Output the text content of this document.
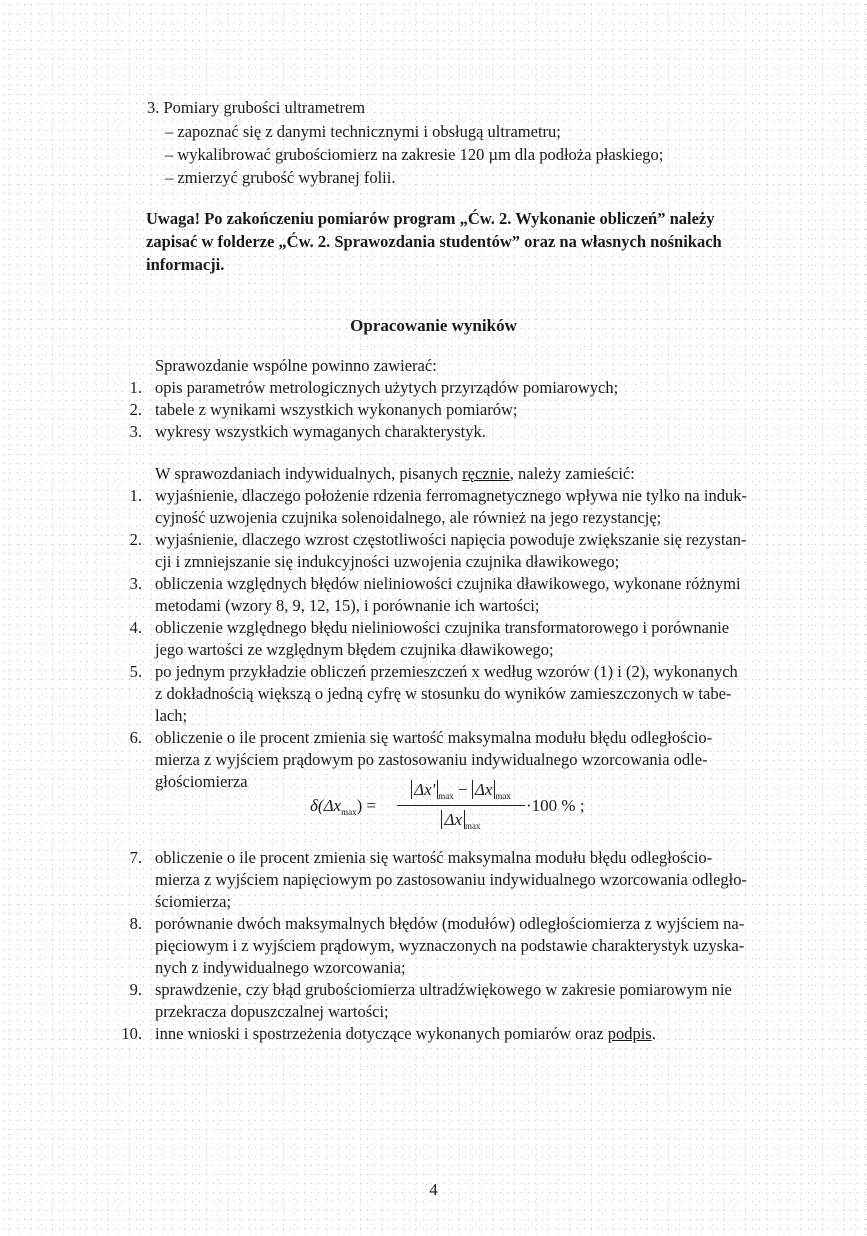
3. Pomiary grubości ultrametrem
– zapoznać się z danymi technicznymi i obsługą ultrametru;
– wykalibrować grubościomierz na zakresie 120 µm dla podłoża płaskiego;
– zmierzyć grubość wybranej folii.
Uwaga! Po zakończeniu pomiarów program „Ćw. 2. Wykonanie obliczeń” należy
zapisać w folderze „Ćw. 2. Sprawozdania studentów” oraz na własnych nośnikach
informacji.
Opracowanie wyników
Sprawozdanie wspólne powinno zawierać:
1. opis parametrów metrologicznych użytych przyrządów pomiarowych;
2. tabele z wynikami wszystkich wykonanych pomiarów;
3. wykresy wszystkich wymaganych charakterystyk.
W sprawozdaniach indywidualnych, pisanych ręcznie, należy zamieścić:
1. wyjaśnienie, dlaczego położenie rdzenia ferromagnetycznego wpływa nie tylko na induk-
cyjność uzwojenia czujnika solenoidalnego, ale również na jego rezystancję;
2. wyjaśnienie, dlaczego wzrost częstotliwości napięcia powoduje zwiększanie się rezystan-
cji i zmniejszanie się indukcyjności uzwojenia czujnika dławikowego;
3. obliczenia względnych błędów nieliniowości czujnika dławikowego, wykonane różnymi
metodami (wzory 8, 9, 12, 15), i porównanie ich wartości;
4. obliczenie względnego błędu nieliniowości czujnika transformatorowego i porównanie
jego wartości ze względnym błędem czujnika dławikowego;
5. po jednym przykładzie obliczeń przemieszczeń x według wzorów (1) i (2), wykonanych
z dokładnością większą o jedną cyfrę w stosunku do wyników zamieszczonych w tabe-
lach;
6. obliczenie o ile procent zmienia się wartość maksymalna modułu błędu odległościo-
mierza z wyjściem prądowym po zastosowaniu indywidualnego wzorcowania odle-
głościomierza
$\delta(\Delta x_{max})$ =
Δx' $_{max}$ − Δx $_{max}$
Δx $_{max}$
·100 % ;
7. obliczenie o ile procent zmienia się wartość maksymalna modułu błędu odległościo-
mierza z wyjściem napięciowym po zastosowaniu indywidualnego wzorcowania odległo-
ściomierza;
8. porównanie dwóch maksymalnych błędów (modułów) odległościomierza z wyjściem na-
pięciowym i z wyjściem prądowym, wyznaczonych na podstawie charakterystyk uzyska-
nych z indywidualnego wzorcowania;
9. sprawdzenie, czy błąd grubościomierza ultradźwiękowego w zakresie pomiarowym nie
przekracza dopuszczalnej wartości;
10. inne wnioski i spostrzeżenia dotyczące wykonanych pomiarów oraz podpis.
4
